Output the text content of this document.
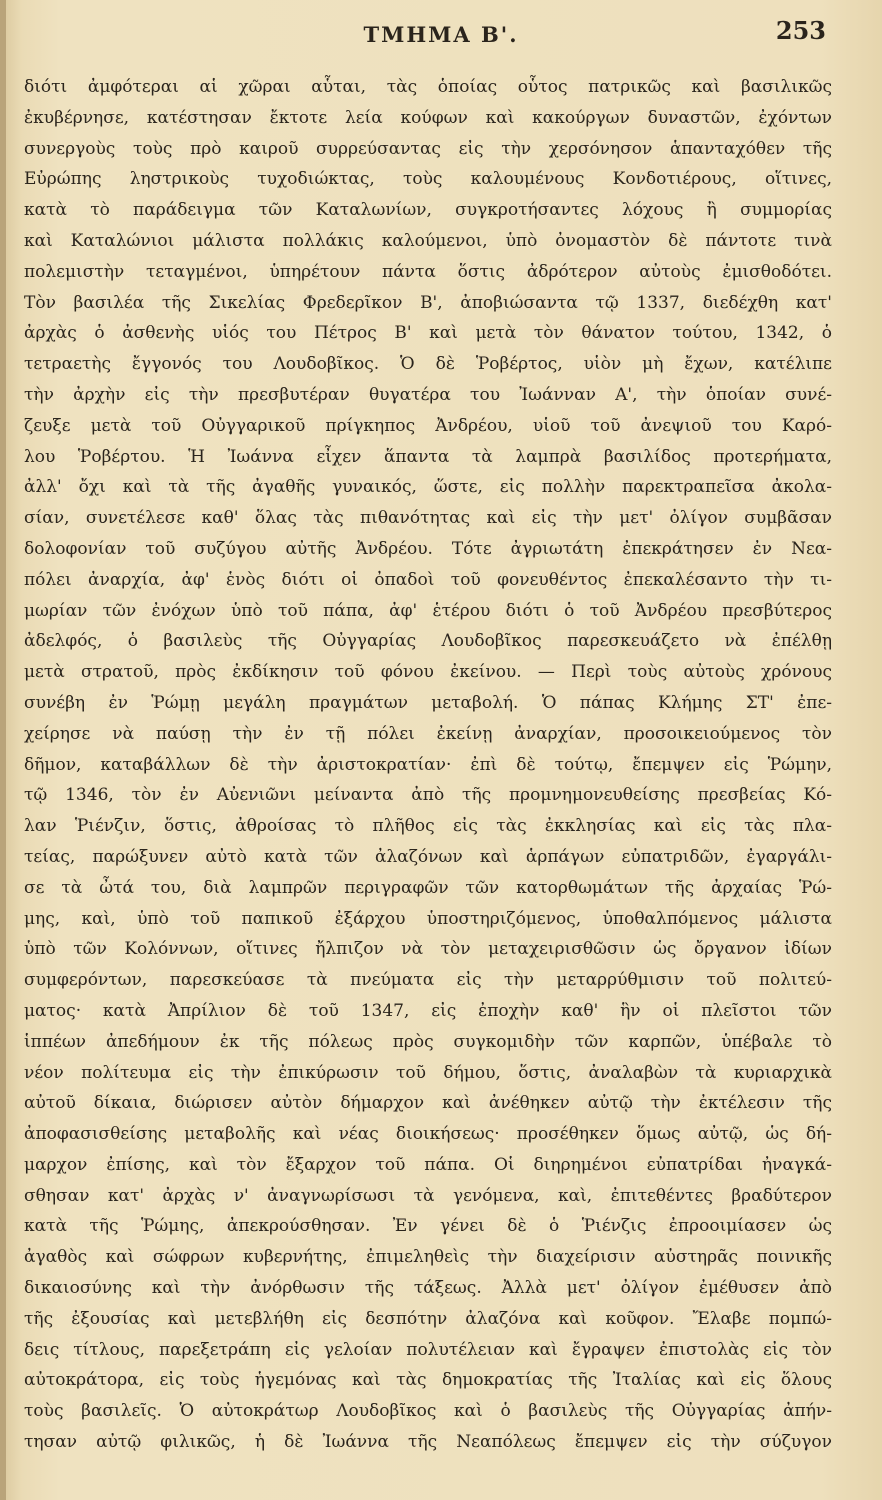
ΤΜΗΜΑ Β'.	253
διότι ἀμφότεραι αἱ χῶραι αὗται, τὰς ὁποίας οὗτος πατρικῶς καὶ βασιλικῶς
ἐκυβέρνησε, κατέστησαν ἔκτοτε λεία κούφων καὶ κακούργων δυναστῶν, ἐχόντων
συνεργοὺς τοὺς πρὸ καιροῦ συρρεύσαντας εἰς τὴν χερσόνησον ἁπανταχόθεν τῆς
Εὐρώπης ληστρικοὺς τυχοδιώκτας, τοὺς καλουμένους Κονδοτιέρους, οἵτινες,
κατὰ τὸ παράδειγμα τῶν Καταλωνίων, συγκροτήσαντες λόχους ἢ συμμορίας
καὶ Καταλώνιοι μάλιστα πολλάκις καλούμενοι, ὑπὸ ὀνομαστὸν δὲ πάντοτε τινὰ
πολεμιστὴν τεταγμένοι, ὑπηρέτουν πάντα ὅστις ἀδρότερον αὐτοὺς ἐμισθοδότει.
Τὸν βασιλέα τῆς Σικελίας Φρεδερῖκον Β', ἀποβιώσαντα τῷ 1337, διεδέχθη κατ'
ἀρχὰς ὁ ἀσθενὴς υἱός του Πέτρος Β' καὶ μετὰ τὸν θάνατον τούτου, 1342, ὁ
τετραετὴς ἔγγονός του Λουδοβῖκος. Ὁ δὲ Ῥοβέρτος, υἱὸν μὴ ἔχων, κατέλιπε
τὴν ἀρχὴν εἰς τὴν πρεσβυτέραν θυγατέρα του Ἰωάνναν Α', τὴν ὁποίαν συνέ-
ζευξε μετὰ τοῦ Οὐγγαρικοῦ πρίγκηπος Ἀνδρέου, υἱοῦ τοῦ ἀνεψιοῦ του Καρό-
λου Ῥοβέρτου. Ἡ Ἰωάννα εἶχεν ἅπαντα τὰ λαμπρὰ βασιλίδος προτερήματα,
ἀλλ' ὄχι καὶ τὰ τῆς ἀγαθῆς γυναικός, ὥστε, εἰς πολλὴν παρεκτραπεῖσα ἀκολα-
σίαν, συνετέλεσε καθ' ὅλας τὰς πιθανότητας καὶ εἰς τὴν μετ' ὀλίγον συμβᾶσαν
δολοφονίαν τοῦ συζύγου αὐτῆς Ἀνδρέου. Τότε ἀγριωτάτη ἐπεκράτησεν ἐν Νεα-
πόλει ἀναρχία, ἀφ' ἑνὸς διότι οἱ ὀπαδοὶ τοῦ φονευθέντος ἐπεκαλέσαντο τὴν τι-
μωρίαν τῶν ἐνόχων ὑπὸ τοῦ πάπα, ἀφ' ἑτέρου διότι ὁ τοῦ Ἀνδρέου πρεσβύτερος
ἀδελφός, ὁ βασιλεὺς τῆς Οὐγγαρίας Λουδοβῖκος παρεσκευάζετο νὰ ἐπέλθῃ
μετὰ στρατοῦ, πρὸς ἐκδίκησιν τοῦ φόνου ἐκείνου. — Περὶ τοὺς αὐτοὺς χρόνους
συνέβη ἐν Ῥώμῃ μεγάλη πραγμάτων μεταβολή. Ὁ πάπας Κλήμης ΣΤ' ἐπε-
χείρησε νὰ παύσῃ τὴν ἐν τῇ πόλει ἐκείνῃ ἀναρχίαν, προσοικειούμενος τὸν
δῆμον, καταβάλλων δὲ τὴν ἀριστοκρατίαν· ἐπὶ δὲ τούτῳ, ἔπεμψεν εἰς Ῥώμην,
τῷ 1346, τὸν ἐν Αὐενιῶνι μείναντα ἀπὸ τῆς προμνημονευθείσης πρεσβείας Κό-
λαν Ῥιένζιν, ὅστις, ἀθροίσας τὸ πλῆθος εἰς τὰς ἐκκλησίας καὶ εἰς τὰς πλα-
τείας, παρώξυνεν αὐτὸ κατὰ τῶν ἀλαζόνων καὶ ἁρπάγων εὐπατριδῶν, ἐγαργάλι-
σε τὰ ὦτά του, διὰ λαμπρῶν περιγραφῶν τῶν κατορθωμάτων τῆς ἀρχαίας Ῥώ-
μης, καὶ, ὑπὸ τοῦ παπικοῦ ἐξάρχου ὑποστηριζόμενος, ὑποθαλπόμενος μάλιστα
ὑπὸ τῶν Κολόννων, οἵτινες ἤλπιζον νὰ τὸν μεταχειρισθῶσιν ὡς ὄργανον ἰδίων
συμφερόντων, παρεσκεύασε τὰ πνεύματα εἰς τὴν μεταρρύθμισιν τοῦ πολιτεύ-
ματος· κατὰ Ἀπρίλιον δὲ τοῦ 1347, εἰς ἐποχὴν καθ' ἣν οἱ πλεῖστοι τῶν
ἱππέων ἀπεδήμουν ἐκ τῆς πόλεως πρὸς συγκομιδὴν τῶν καρπῶν, ὑπέβαλε τὸ
νέον πολίτευμα εἰς τὴν ἐπικύρωσιν τοῦ δήμου, ὅστις, ἀναλαβὼν τὰ κυριαρχικὰ
αὐτοῦ δίκαια, διώρισεν αὐτὸν δήμαρχον καὶ ἀνέθηκεν αὐτῷ τὴν ἐκτέλεσιν τῆς
ἀποφασισθείσης μεταβολῆς καὶ νέας διοικήσεως· προσέθηκεν ὅμως αὐτῷ, ὡς δή-
μαρχον ἐπίσης, καὶ τὸν ἔξαρχον τοῦ πάπα. Οἱ διηρημένοι εὐπατρίδαι ἠναγκά-
σθησαν κατ' ἀρχὰς ν' ἀναγνωρίσωσι τὰ γενόμενα, καὶ, ἐπιτεθέντες βραδύτερον
κατὰ τῆς Ῥώμης, ἀπεκρούσθησαν. Ἐν γένει δὲ ὁ Ῥιένζις ἐπροοιμίασεν ὡς
ἀγαθὸς καὶ σώφρων κυβερνήτης, ἐπιμεληθεὶς τὴν διαχείρισιν αὐστηρᾶς ποινικῆς
δικαιοσύνης καὶ τὴν ἀνόρθωσιν τῆς τάξεως. Ἀλλὰ μετ' ὀλίγον ἐμέθυσεν ἀπὸ
τῆς ἐξουσίας καὶ μετεβλήθη εἰς δεσπότην ἀλαζόνα καὶ κοῦφον. Ἔλαβε πομπώ-
δεις τίτλους, παρεξετράπη εἰς γελοίαν πολυτέλειαν καὶ ἔγραψεν ἐπιστολὰς εἰς τὸν
αὐτοκράτορα, εἰς τοὺς ἡγεμόνας καὶ τὰς δημοκρατίας τῆς Ἰταλίας καὶ εἰς ὅλους
τοὺς βασιλεῖς. Ὁ αὐτοκράτωρ Λουδοβῖκος καὶ ὁ βασιλεὺς τῆς Οὐγγαρίας ἀπήν-
τησαν αὐτῷ φιλικῶς, ἡ δὲ Ἰωάννα τῆς Νεαπόλεως ἔπεμψεν εἰς τὴν σύζυγον
